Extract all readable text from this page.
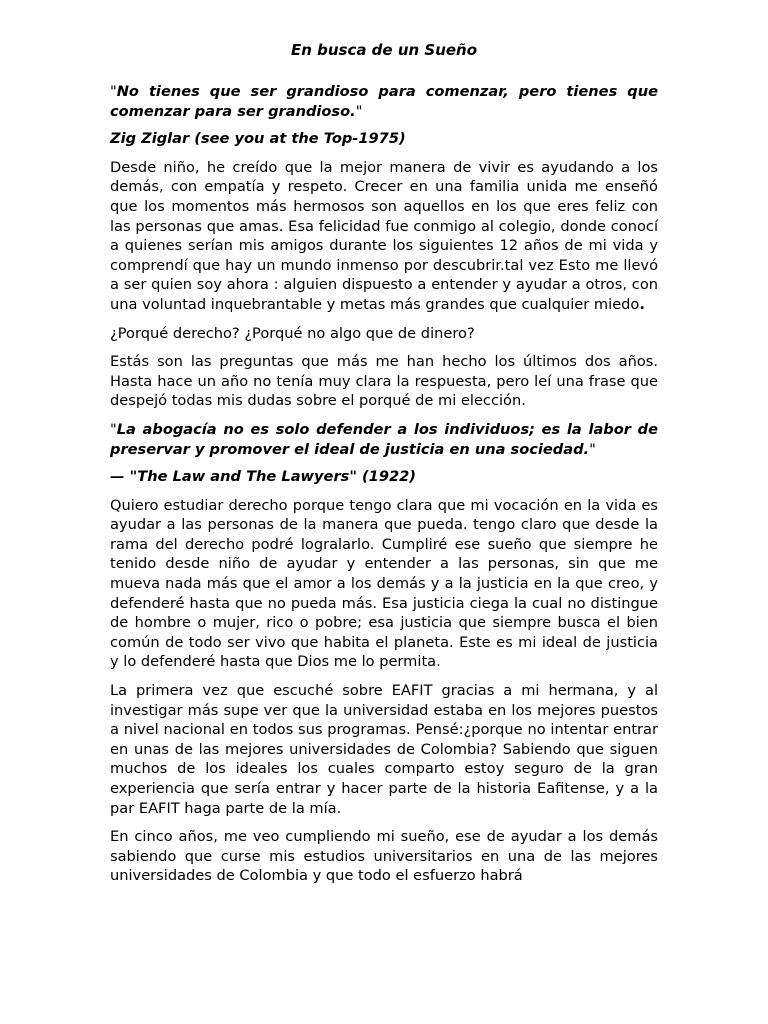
En busca de un Sueño

"No tienes que ser grandioso para comenzar, pero tienes que comenzar para ser grandioso."

Zig Ziglar (see you at the Top-1975)

Desde niño, he creído que la mejor manera de vivir es ayudando a los demás, con empatía y respeto. Crecer en una familia unida me enseñó que los momentos más hermosos son aquellos en los que eres feliz con las personas que amas. Esa felicidad fue conmigo al colegio, donde conocí a quienes serían mis amigos durante los siguientes 12 años de mi vida y comprendí que hay un mundo inmenso por descubrir.tal vez Esto me llevó a ser quien soy ahora : alguien dispuesto a entender y ayudar a otros, con una voluntad inquebrantable y metas más grandes que cualquier miedo.

¿Porqué derecho? ¿Porqué no algo que de dinero?

Estás son las preguntas que más me han hecho los últimos dos años. Hasta hace un año no tenía muy clara la respuesta, pero leí una frase que despejó todas mis dudas sobre el porqué de mi elección.

"La abogacía no es solo defender a los individuos; es la labor de preservar y promover el ideal de justicia en una sociedad."

— "The Law and The Lawyers" (1922)

Quiero estudiar derecho porque tengo clara que mi vocación en la vida es ayudar a las personas de la manera que pueda. tengo claro que desde la rama del derecho podré logralarlo. Cumpliré ese sueño que siempre he tenido desde niño de ayudar y entender a las personas, sin que me mueva nada más que el amor a los demás y a la justicia en la que creo, y defenderé hasta que no pueda más. Esa justicia ciega la cual no distingue de hombre o mujer, rico o pobre; esa justicia que siempre busca el bien común de todo ser vivo que habita el planeta. Este es mi ideal de justicia y lo defenderé hasta que Dios me lo permita.

La primera vez que escuché sobre EAFIT gracias a mi hermana, y al investigar más supe ver que la universidad estaba en los mejores puestos a nivel nacional en todos sus programas. Pensé:¿porque no intentar entrar en unas de las mejores universidades de Colombia? Sabiendo que siguen muchos de los ideales los cuales comparto estoy seguro de la gran experiencia que sería entrar y hacer parte de la historia Eafitense, y a la par EAFIT haga parte de la mía.

En cinco años, me veo cumpliendo mi sueño, ese de ayudar a los demás sabiendo que curse mis estudios universitarios en una de las mejores universidades de Colombia y que todo el esfuerzo habrá
